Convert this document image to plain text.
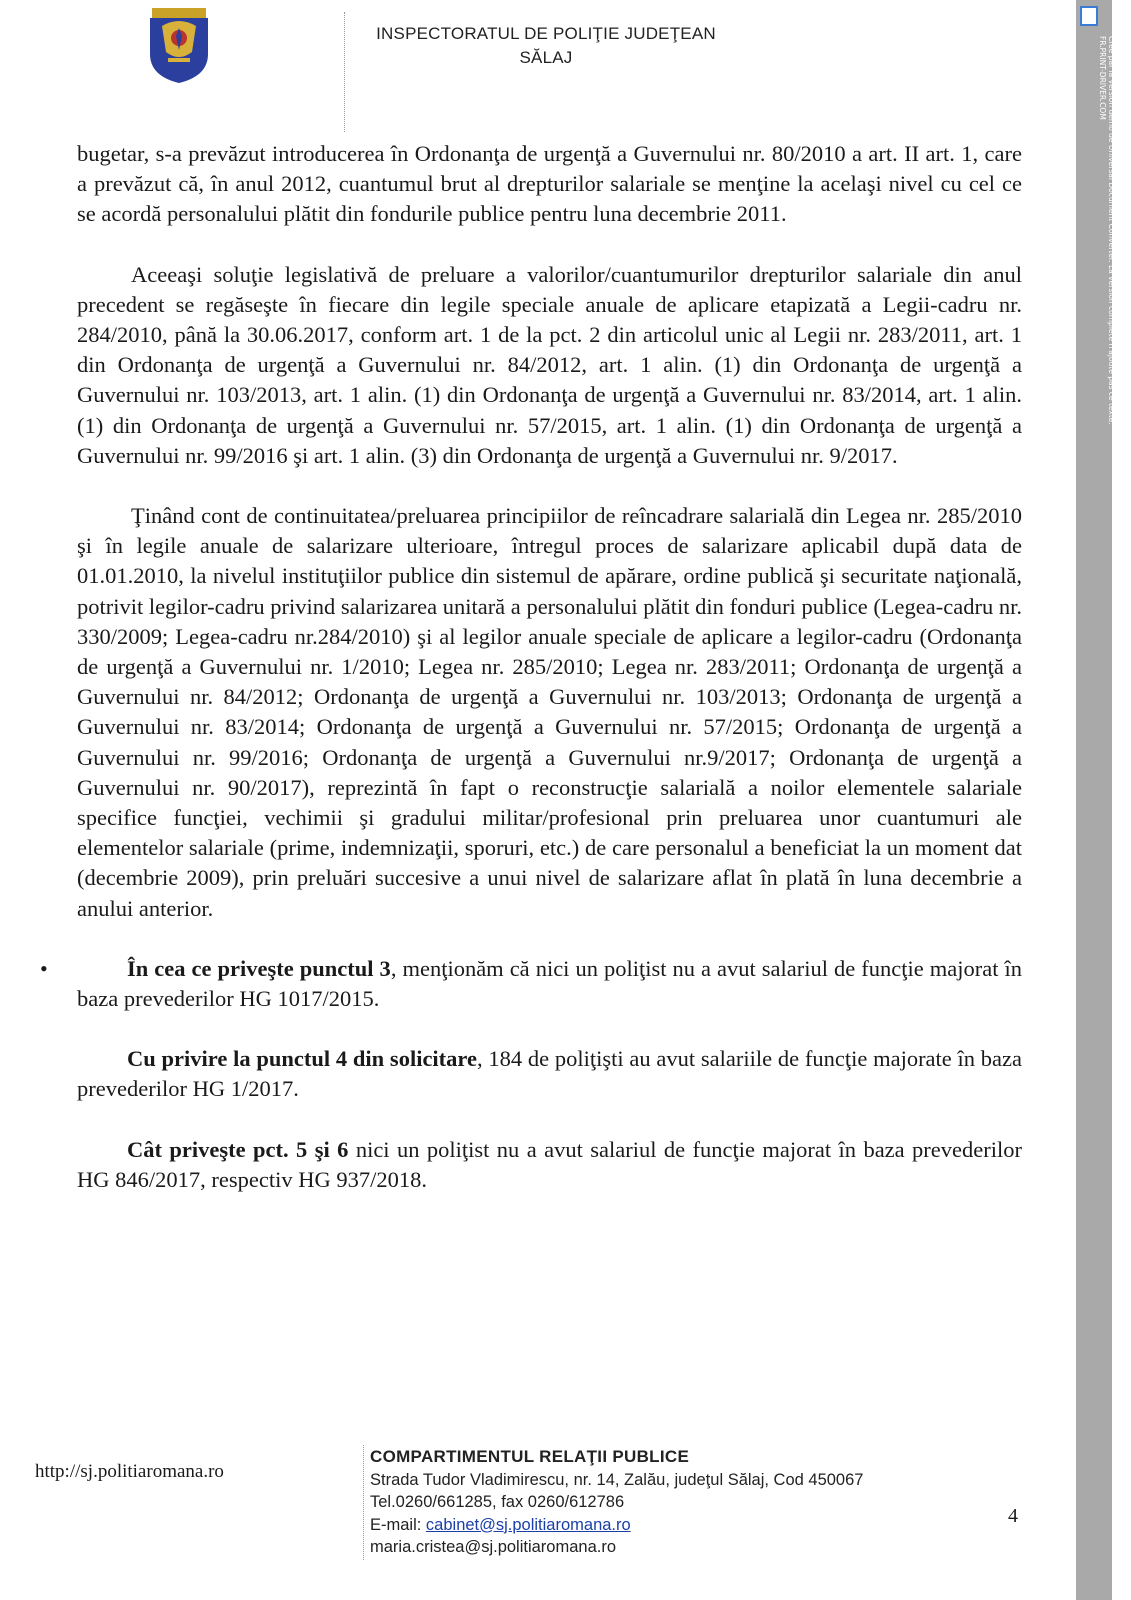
INSPECTORATUL DE POLIŢIE JUDEŢEAN
SĂLAJ

bugetar, s-a prevăzut introducerea în Ordonanţa de urgenţă a Guvernului nr. 80/2010 a art. II art. 1, care a prevăzut că, în anul 2012, cuantumul brut al drepturilor salariale se menţine la acelaşi nivel cu cel ce se acordă personalului plătit din fondurile publice pentru luna decembrie 2011.

Aceeaşi soluţie legislativă de preluare a valorilor/cuantumurilor drepturilor salariale din anul precedent se regăseşte în fiecare din legile speciale anuale de aplicare etapizată a Legii-cadru nr. 284/2010, până la 30.06.2017, conform art. 1 de la pct. 2 din articolul unic al Legii nr. 283/2011, art. 1 din Ordonanţa de urgenţă a Guvernului nr. 84/2012, art. 1 alin. (1) din Ordonanţa de urgenţă a Guvernului nr. 103/2013, art. 1 alin. (1) din Ordonanţa de urgenţă a Guvernului nr. 83/2014, art. 1 alin. (1) din Ordonanţa de urgenţă a Guvernului nr. 57/2015, art. 1 alin. (1) din Ordonanţa de urgenţă a Guvernului nr. 99/2016 şi art. 1 alin. (3) din Ordonanţa de urgenţă a Guvernului nr. 9/2017.

Ţinând cont de continuitatea/preluarea principiilor de reîncadrare salarială din Legea nr. 285/2010 şi în legile anuale de salarizare ulterioare, întregul proces de salarizare aplicabil după data de 01.01.2010, la nivelul instituţiilor publice din sistemul de apărare, ordine publică şi securitate naţională, potrivit legilor-cadru privind salarizarea unitară a personalului plătit din fonduri publice (Legea-cadru nr. 330/2009; Legea-cadru nr.284/2010) şi al legilor anuale speciale de aplicare a legilor-cadru (Ordonanţa de urgenţă a Guvernului nr. 1/2010; Legea nr. 285/2010; Legea nr. 283/2011; Ordonanţa de urgenţă a Guvernului nr. 84/2012; Ordonanţa de urgenţă a Guvernului nr. 103/2013; Ordonanţa de urgenţă a Guvernului nr. 83/2014; Ordonanţa de urgenţă a Guvernului nr. 57/2015; Ordonanţa de urgenţă a Guvernului nr. 99/2016; Ordonanţa de urgenţă a Guvernului nr.9/2017; Ordonanţa de urgenţă a Guvernului nr. 90/2017), reprezintă în fapt o reconstrucţie salarială a noilor elementele salariale specifice funcţiei, vechimii şi gradului militar/profesional prin preluarea unor cuantumuri ale elementelor salariale (prime, indemnizaţii, sporuri, etc.) de care personalul a beneficiat la un moment dat (decembrie 2009), prin preluări succesive a unui nivel de salarizare aflat în plată în luna decembrie a anului anterior.

•	În cea ce priveşte punctul 3, menţionăm că nici un poliţist nu a avut salariul de funcţie majorat în baza prevederilor HG 1017/2015.

Cu privire la punctul 4 din solicitare, 184 de poliţişti au avut salariile de funcţie majorate în baza prevederilor HG 1/2017.

Cât priveşte pct. 5 şi 6 nici un poliţist nu a avut salariul de funcţie majorat în baza prevederilor HG 846/2017, respectiv HG 937/2018.

http://sj.politiaromana.ro
COMPARTIMENTUL RELAŢII PUBLICE
Strada Tudor Vladimirescu, nr. 14, Zalău, judeţul Sălaj, Cod 450067
Tel.0260/661285, fax 0260/612786
E-mail: cabinet@sj.politiaromana.ro
maria.cristea@sj.politiaromana.ro
4
Créé par la version démo de Universal Document Converter. La version complète n'ajoute pas ce texte.
FR.PRINT-DRIVER.COM
